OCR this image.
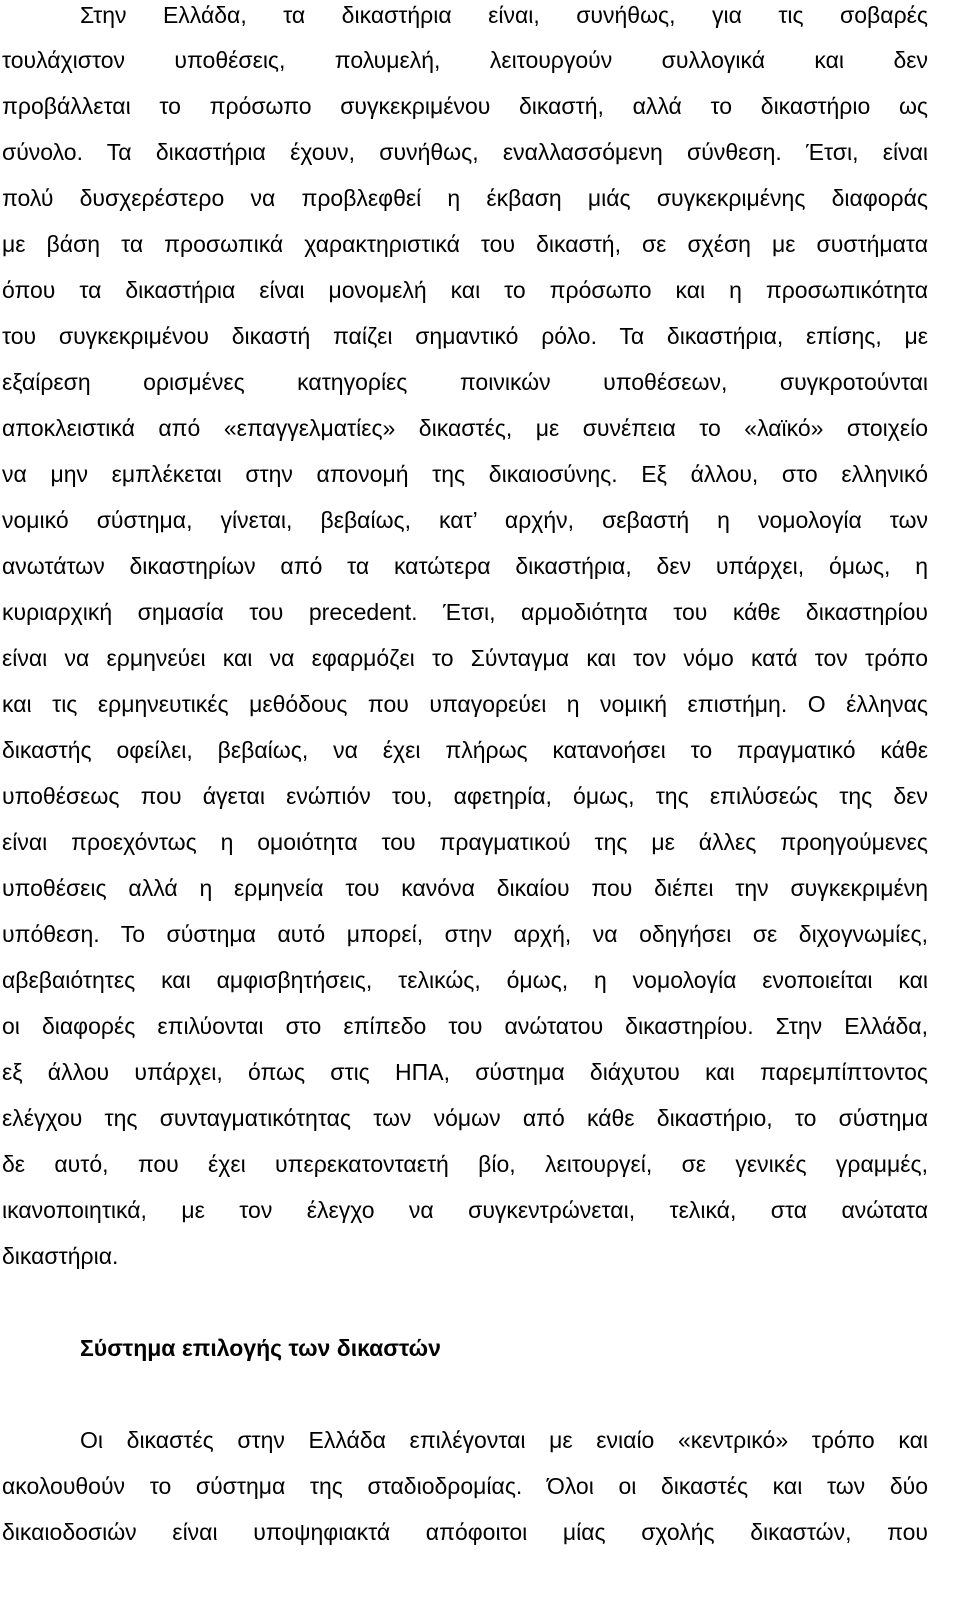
Στην Ελλάδα, τα δικαστήρια είναι, συνήθως, για τις σοβαρές
τουλάχιστον υποθέσεις, πολυμελή, λειτουργούν συλλογικά και δεν
προβάλλεται το πρόσωπο συγκεκριμένου δικαστή, αλλά το δικαστήριο ως
σύνολο. Τα δικαστήρια έχουν, συνήθως, εναλλασσόμενη σύνθεση. Έτσι, είναι
πολύ δυσχερέστερο να προβλεφθεί η έκβαση μιάς συγκεκριμένης διαφοράς
με βάση τα προσωπικά χαρακτηριστικά του δικαστή, σε σχέση με συστήματα
όπου τα δικαστήρια είναι μονομελή και το πρόσωπο και η προσωπικότητα
του συγκεκριμένου δικαστή παίζει σημαντικό ρόλο. Τα δικαστήρια, επίσης, με
εξαίρεση ορισμένες κατηγορίες ποινικών υποθέσεων, συγκροτούνται
αποκλειστικά από «επαγγελματίες» δικαστές, με συνέπεια το «λαϊκό» στοιχείο
να μην εμπλέκεται στην απονομή της δικαιοσύνης. Εξ άλλου, στο ελληνικό
νομικό σύστημα, γίνεται, βεβαίως, κατ’ αρχήν, σεβαστή η νομολογία των
ανωτάτων δικαστηρίων από τα κατώτερα δικαστήρια, δεν υπάρχει, όμως, η
κυριαρχική σημασία του precedent. Έτσι, αρμοδιότητα του κάθε δικαστηρίου
είναι να ερμηνεύει και να εφαρμόζει το Σύνταγμα και τον νόμο κατά τον τρόπο
και τις ερμηνευτικές μεθόδους που υπαγορεύει η νομική επιστήμη. Ο έλληνας
δικαστής οφείλει, βεβαίως, να έχει πλήρως κατανοήσει το πραγματικό κάθε
υποθέσεως που άγεται ενώπιόν του, αφετηρία, όμως, της επιλύσεώς της δεν
είναι προεχόντως η ομοιότητα του πραγματικού της με άλλες προηγούμενες
υποθέσεις αλλά η ερμηνεία του κανόνα δικαίου που διέπει την συγκεκριμένη
υπόθεση. Το σύστημα αυτό μπορεί, στην αρχή, να οδηγήσει σε διχογνωμίες,
αβεβαιότητες και αμφισβητήσεις, τελικώς, όμως, η νομολογία ενοποιείται και
οι διαφορές επιλύονται στο επίπεδο του ανώτατου δικαστηρίου. Στην Ελλάδα,
εξ άλλου υπάρχει, όπως στις ΗΠΑ, σύστημα διάχυτου και παρεμπίπτοντος
ελέγχου της συνταγματικότητας των νόμων από κάθε δικαστήριο, το σύστημα
δε αυτό, που έχει υπερεκατονταετή βίο, λειτουργεί, σε γενικές γραμμές,
ικανοποιητικά, με τον έλεγχο να συγκεντρώνεται, τελικά, στα ανώτατα
δικαστήρια.
Σύστημα επιλογής των δικαστών
Οι δικαστές στην Ελλάδα επιλέγονται με ενιαίο «κεντρικό» τρόπο και
ακολουθούν το σύστημα της σταδιοδρομίας. Όλοι οι δικαστές και των δύο
δικαιοδοσιών είναι υποψηφιακτά απόφοιτοι μίας σχολής δικαστών, που
